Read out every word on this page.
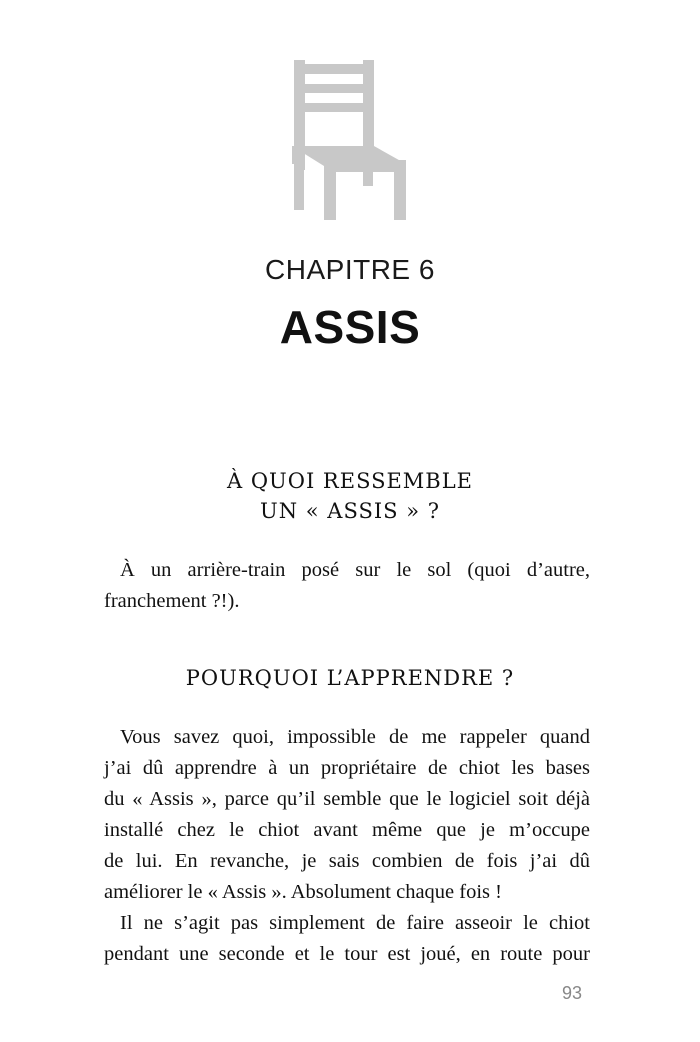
CHAPITRE 6
ASSIS
À QUOI RESSEMBLE
UN « ASSIS » ?

À un arrière-train posé sur le sol (quoi d’autre,
franchement ?!).

POURQUOI L’APPRENDRE ?

Vous savez quoi, impossible de me rappeler quand
j’ai dû apprendre à un propriétaire de chiot les bases
du « Assis », parce qu’il semble que le logiciel soit déjà
installé chez le chiot avant même que je m’occupe
de lui. En revanche, je sais combien de fois j’ai dû
améliorer le « Assis ». Absolument chaque fois !

Il ne s’agit pas simplement de faire asseoir le chiot
pendant une seconde et le tour est joué, en route pour

93
